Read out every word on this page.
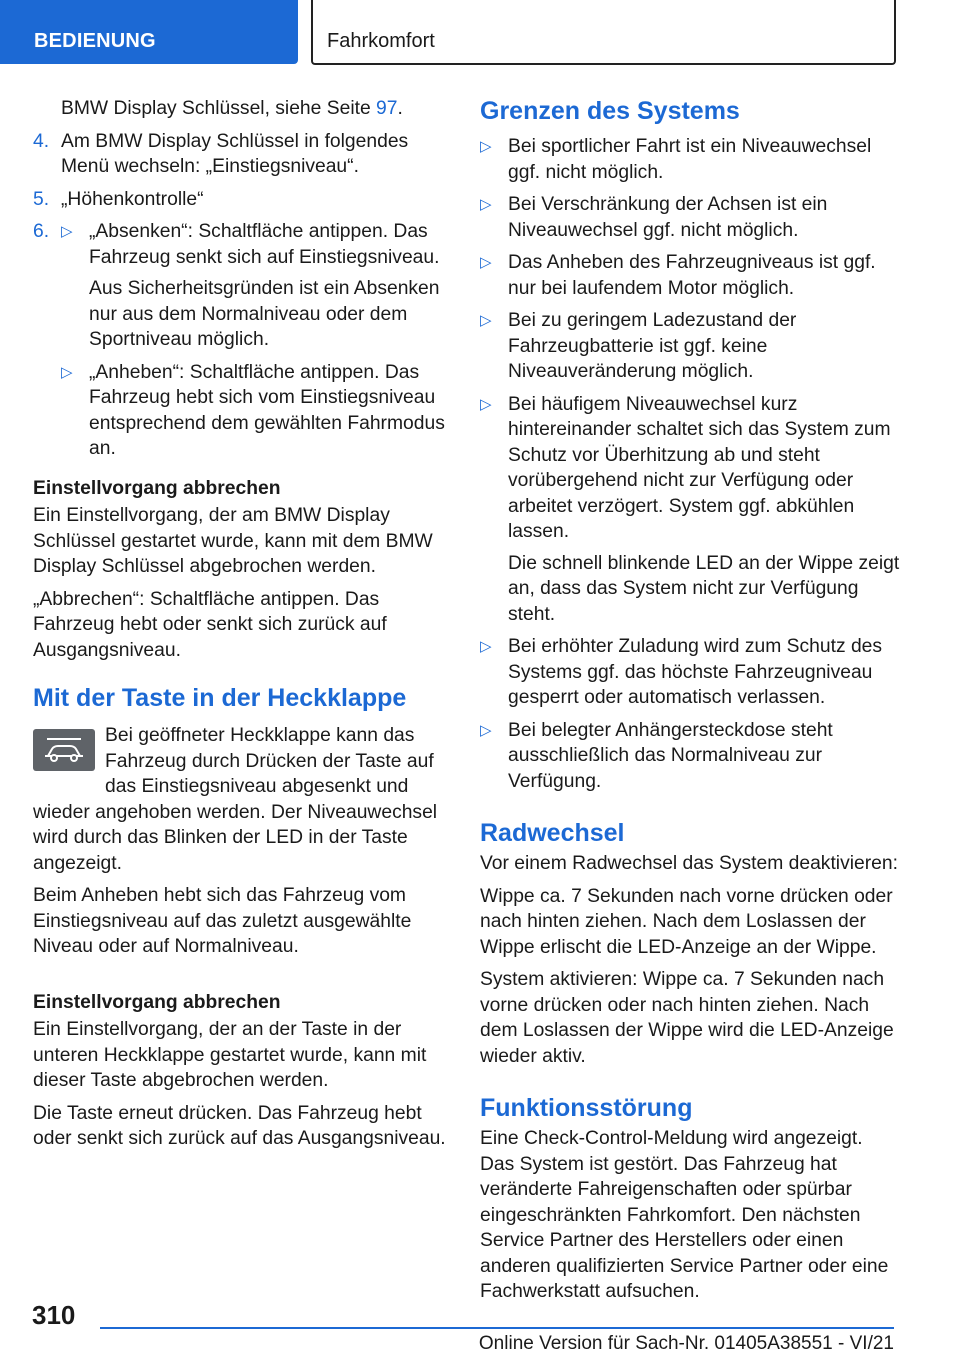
BEDIENUNG	Fahrkomfort

BMW Display Schlüssel, siehe Seite 97.

4. Am BMW Display Schlüssel in folgendes Menü wechseln: „Einstiegsniveau“.
5. „Höhenkontrolle“
6. ▷ „Absenken“: Schaltfläche antippen. Das Fahrzeug senkt sich auf Einstiegsniveau.
Aus Sicherheitsgründen ist ein Absenken nur aus dem Normalniveau oder dem Sportniveau möglich.
▷ „Anheben“: Schaltfläche antippen. Das Fahrzeug hebt sich vom Einstiegsniveau entsprechend dem gewählten Fahrmodus an.
Einstellvorgang abbrechen

Ein Einstellvorgang, der am BMW Display Schlüssel gestartet wurde, kann mit dem BMW Display Schlüssel abgebrochen werden.

„Abbrechen“: Schaltfläche antippen. Das Fahrzeug hebt oder senkt sich zurück auf Ausgangsniveau.

Mit der Taste in der Heckklappe

Bei geöffneter Heckklappe kann das Fahrzeug durch Drücken der Taste auf das Einstiegsniveau abgesenkt und wieder angehoben werden. Der Niveauwechsel wird durch das Blinken der LED in der Taste angezeigt.

Beim Anheben hebt sich das Fahrzeug vom Einstiegsniveau auf das zuletzt ausgewählte Niveau oder auf Normalniveau.

Einstellvorgang abbrechen

Ein Einstellvorgang, der an der Taste in der unteren Heckklappe gestartet wurde, kann mit dieser Taste abgebrochen werden.

Die Taste erneut drücken. Das Fahrzeug hebt oder senkt sich zurück auf das Ausgangsniveau.

Grenzen des Systems
▷ Bei sportlicher Fahrt ist ein Niveauwechsel ggf. nicht möglich.
▷ Bei Verschränkung der Achsen ist ein Niveauwechsel ggf. nicht möglich.
▷ Das Anheben des Fahrzeugniveaus ist ggf. nur bei laufendem Motor möglich.
▷ Bei zu geringem Ladezustand der Fahrzeugbatterie ist ggf. keine Niveauveränderung möglich.
▷ Bei häufigem Niveauwechsel kurz hintereinander schaltet sich das System zum Schutz vor Überhitzung ab und steht vorübergehend nicht zur Verfügung oder arbeitet verzögert. System ggf. abkühlen lassen.
Die schnell blinkende LED an der Wippe zeigt an, dass das System nicht zur Verfügung steht.
▷ Bei erhöhter Zuladung wird zum Schutz des Systems ggf. das höchste Fahrzeugniveau gesperrt oder automatisch verlassen.
▷ Bei belegter Anhängersteckdose steht ausschließlich das Normalniveau zur Verfügung.
Radwechsel

Vor einem Radwechsel das System deaktivieren:

Wippe ca. 7 Sekunden nach vorne drücken oder nach hinten ziehen. Nach dem Loslassen der Wippe erlischt die LED-Anzeige an der Wippe.

System aktivieren: Wippe ca. 7 Sekunden nach vorne drücken oder nach hinten ziehen. Nach dem Loslassen der Wippe wird die LED-Anzeige wieder aktiv.

Funktionsstörung

Eine Check-Control-Meldung wird angezeigt. Das System ist gestört. Das Fahrzeug hat veränderte Fahreigenschaften oder spürbar eingeschränkten Fahrkomfort. Den nächsten Service Partner des Herstellers oder einen anderen qualifizierten Service Partner oder eine Fachwerkstatt aufsuchen.

310
Online Version für Sach-Nr. 01405A38551 - VI/21
